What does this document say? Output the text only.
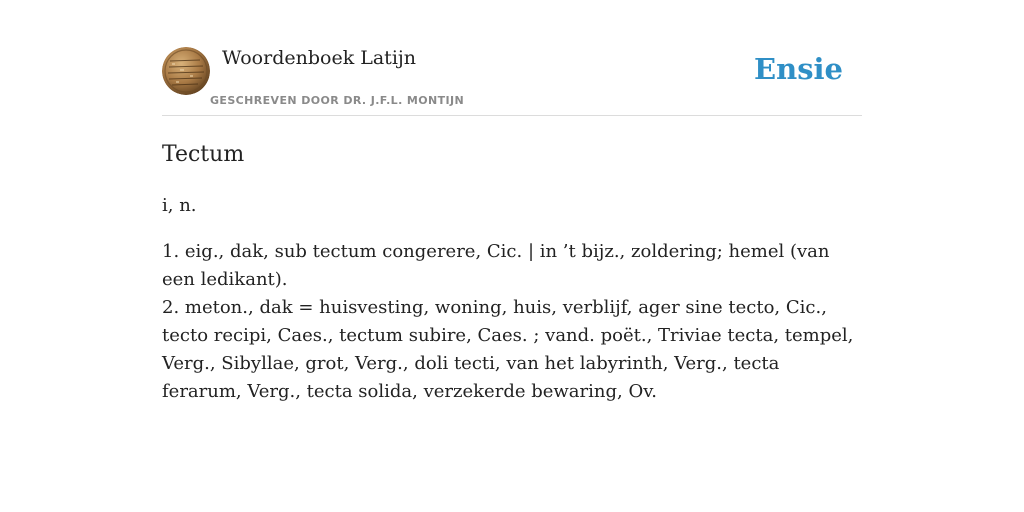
Woordenboek Latijn
GESCHREVEN DOOR DR. J.F.L. MONTIJN
Ensie
Tectum

i, n.

1. eig., dak, sub tectum congerere, Cic. | in ’t bijz., zoldering; hemel (van een ledikant).

2. meton., dak = huisvesting, woning, huis, verblijf, ager sine tecto, Cic., tecto recipi, Caes., tectum subire, Caes. ; vand. poët., Triviae tecta, tempel, Verg., Sibyllae, grot, Verg., doli tecti, van het labyrinth, Verg., tecta ferarum, Verg., tecta solida, verzekerde bewaring, Ov.
